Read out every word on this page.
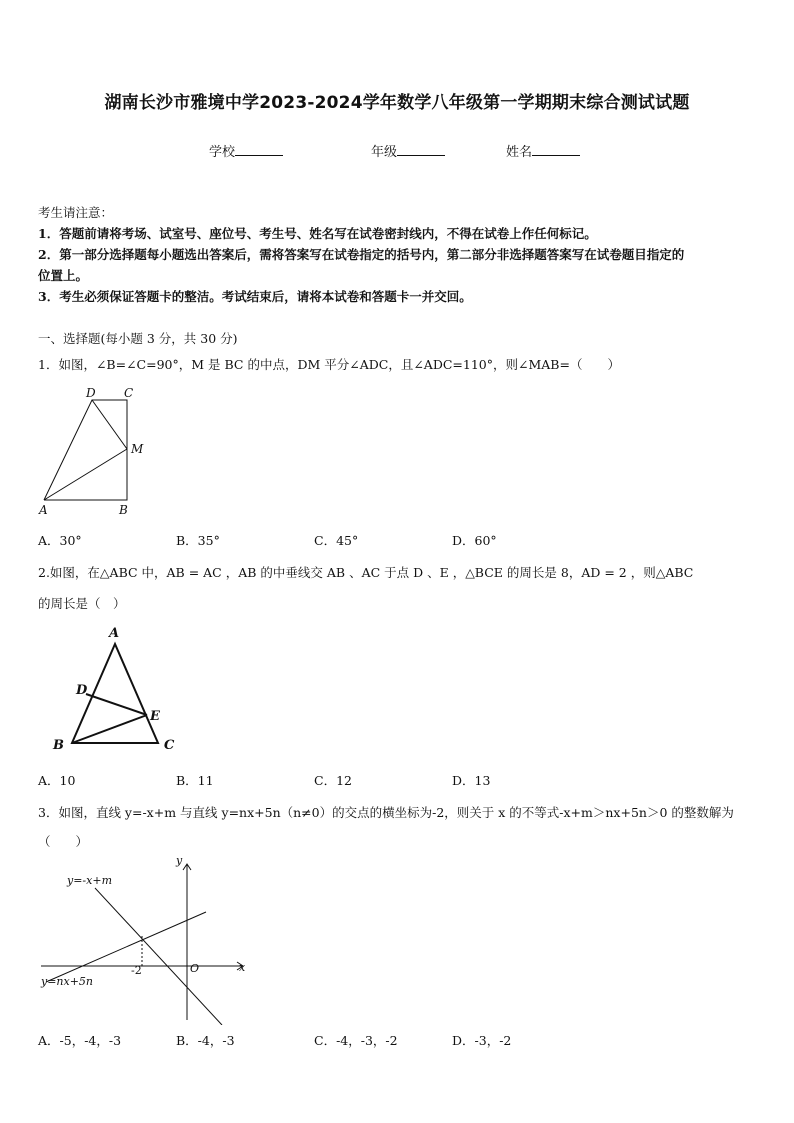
湖南长沙市雅境中学2023-2024学年数学八年级第一学期期末综合测试试题
学校	年级	姓名
考生请注意：
1．答题前请将考场、试室号、座位号、考生号、姓名写在试卷密封线内，不得在试卷上作任何标记。
2．第一部分选择题每小题选出答案后，需将答案写在试卷指定的括号内，第二部分非选择题答案写在试卷题目指定的
位置上。
3．考生必须保证答题卡的整洁。考试结束后，请将本试卷和答题卡一并交回。
一、选择题(每小题 3 分，共 30 分)
1．如图，∠B=∠C=90°，M 是 BC 的中点，DM 平分∠ADC，且∠ADC=110°，则∠MAB=（　　）
D C
M
A	B
A．30°	B．35°	C．45°	D．60°
2.如图，在△ABC 中，AB = AC ，AB 的中垂线交 AB 、AC 于点 D 、E ，△BCE 的周长是 8，AD = 2 ，则△ABC
的周长是（　）
A
D
E
B	C
A．10	B．11	C．12	D．13
3．如图，直线 y=-x+m 与直线 y=nx+5n（n≠0）的交点的横坐标为-2，则关于 x 的不等式-x+m＞nx+5n＞0 的整数解为
（　　）
y
x
O
-2
y=-x+m
y=nx+5n
A．-5，-4，-3	B．-4，-3	C．-4，-3，-2	D．-3，-2
